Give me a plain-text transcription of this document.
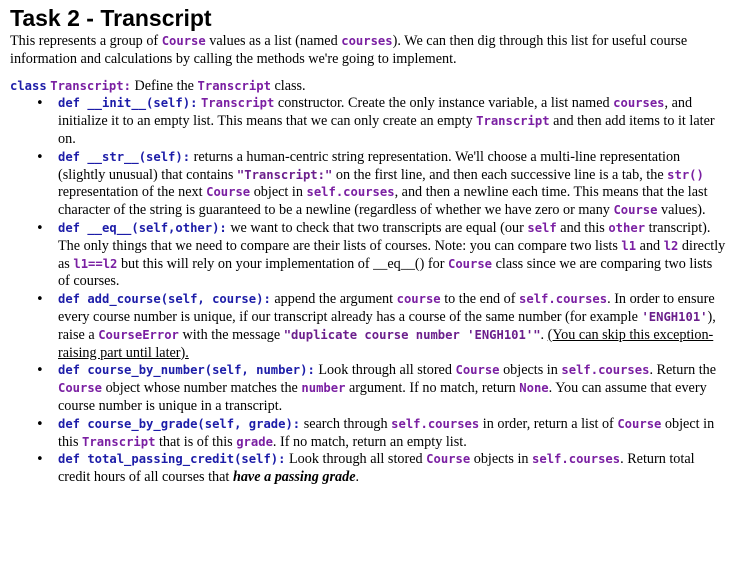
Task 2 - Transcript

This represents a group of Course values as a list (named courses). We can then dig through this list for useful course information and calculations by calling the methods we're going to implement.

class Transcript: Define the Transcript class.

• def __init__(self): Transcript constructor. Create the only instance variable, a list named courses, and initialize it to an empty list. This means that we can only create an empty Transcript and then add items to it later on.
• def __str__(self): returns a human-centric string representation. We'll choose a multi-line representation (slightly unusual) that contains "Transcript:" on the first line, and then each successive line is a tab, the str() representation of the next Course object in self.courses, and then a newline each time. This means that the last character of the string is guaranteed to be a newline (regardless of whether we have zero or many Course values).
• def __eq__(self,other): we want to check that two transcripts are equal (our self and this other transcript). The only things that we need to compare are their lists of courses. Note: you can compare two lists l1 and l2 directly as l1==l2 but this will rely on your implementation of __eq__() for Course class since we are comparing two lists of courses.
• def add_course(self, course): append the argument course to the end of self.courses. In order to ensure every course number is unique, if our transcript already has a course of the same number (for example 'ENGH101'), raise a CourseError with the message "duplicate course number 'ENGH101'". (You can skip this exception-raising part until later).
• def course_by_number(self, number): Look through all stored Course objects in self.courses. Return the Course object whose number matches the number argument. If no match, return None. You can assume that every course number is unique in a transcript.
• def course_by_grade(self, grade): search through self.courses in order, return a list of Course object in this Transcript that is of this grade. If no match, return an empty list.
• def total_passing_credit(self): Look through all stored Course objects in self.courses. Return total credit hours of all courses that have a passing grade.
